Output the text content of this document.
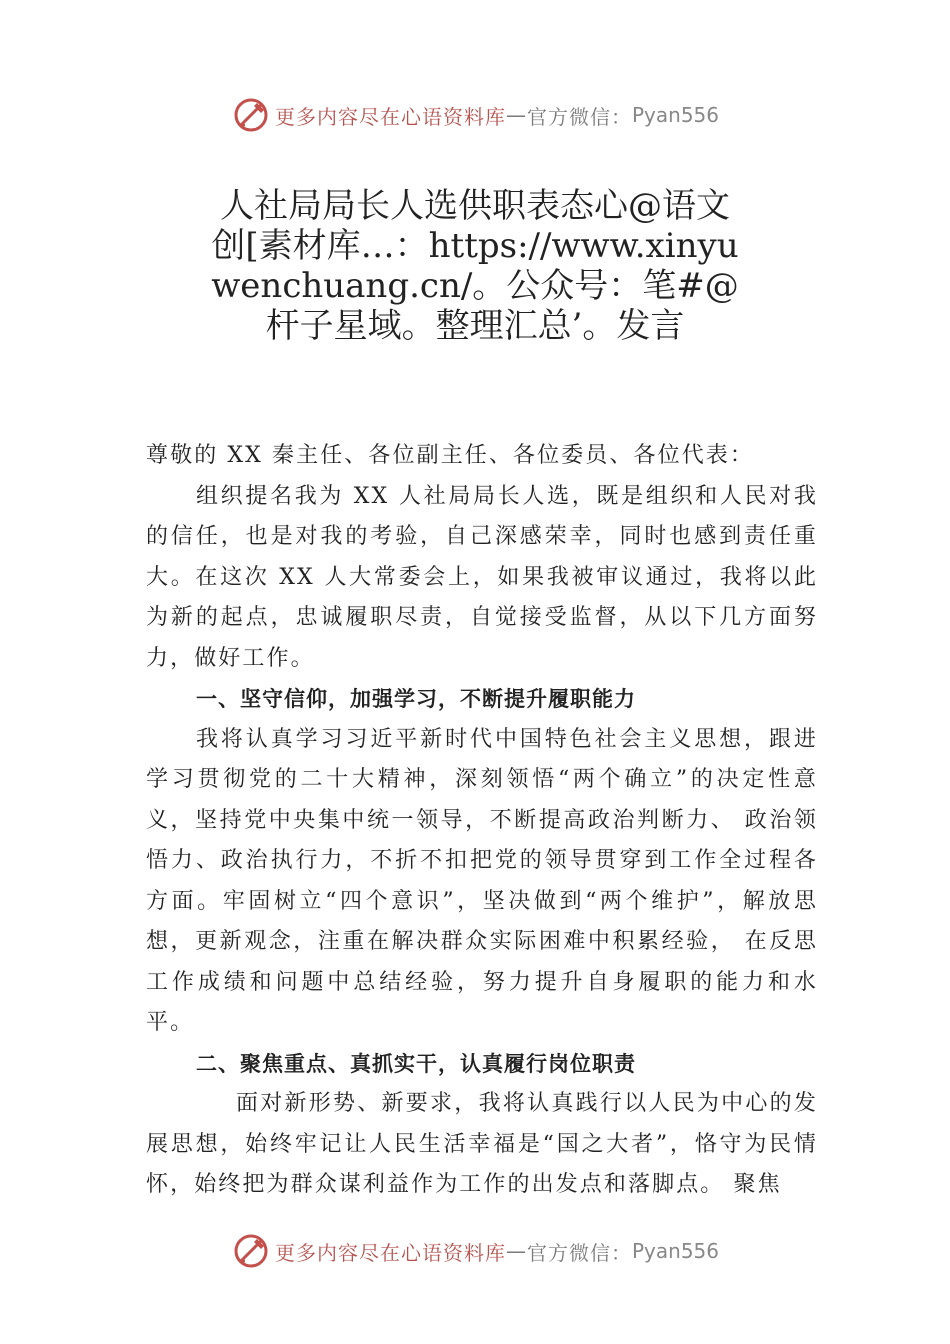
更多内容尽在心语资料库 — 官方微信： Pyan556
人社局局长人选供职表态心@语文创[素材库…：https://www.xinyuwenchuang.cn/。公众号：笔#@杆子星域。整理汇总’。发言

尊敬的 XX 秦主任、各位副主任、各位委员、各位代表：

组织提名我为 XX 人社局局长人选，既是组织和人民对我的信任，也是对我的考验，自己深感荣幸，同时也感到责任重大。在这次 XX 人大常委会上，如果我被审议通过，我将以此为新的起点，忠诚履职尽责，自觉接受监督，从以下几方面努力，做好工作。

一、坚守信仰，加强学习，不断提升履职能力

我将认真学习习近平新时代中国特色社会主义思想，跟进学习贯彻党的二十大精神，深刻领悟“两个确立”的决定性意义，坚持党中央集中统一领导，不断提高政治判断力、 政治领悟力、政治执行力，不折不扣把党的领导贯穿到工作全过程各方面。牢固树立“四个意识”，坚决做到“两个维护”，解放思想，更新观念，注重在解决群众实际困难中积累经验， 在反思工作成绩和问题中总结经验，努力提升自身履职的能力和水平。

二、聚焦重点、真抓实干，认真履行岗位职责

面对新形势、新要求，我将认真践行以人民为中心的发展思想，始终牢记让人民生活幸福是“国之大者”，恪守为民情怀，始终把为群众谋利益作为工作的出发点和落脚点。 聚焦

更多内容尽在心语资料库 — 官方微信： Pyan556
